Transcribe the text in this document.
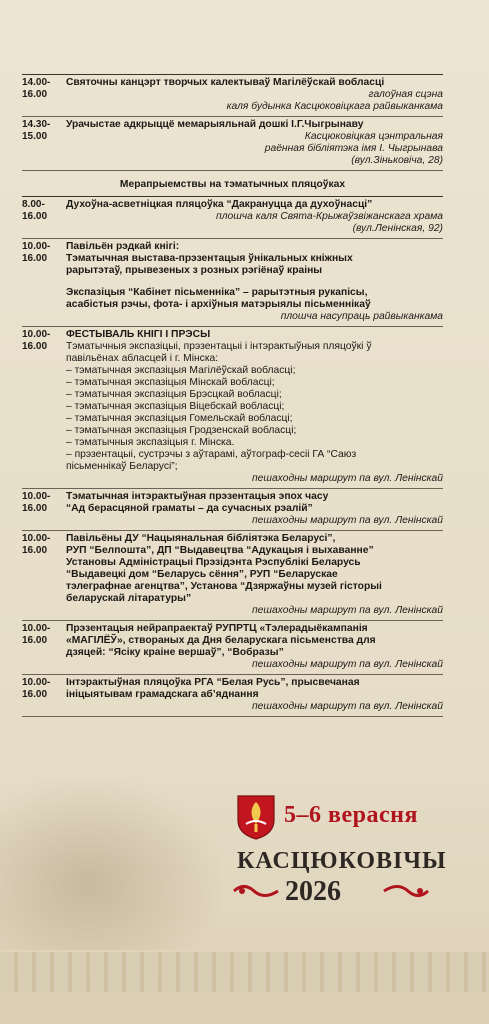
14.00-
16.00
Святочны канцэрт творчых калектываў Магілёўскай вобласці
галоўная сцэна
каля будынка Касцюковіцкага райвыканкама
14.30-
15.00
Урачыстае адкрыццё мемарыяльнай дошкі І.Г.Чыгрынаву
Касцюковіцкая цэнтральная
раённая бібліятэка імя І. Чыгрынава
(вул.Зіньковіча, 28)
Мерапрыемствы на тэматычных пляцоўках
8.00-
16.00
Духоўна-асветніцкая пляцоўка “Дакрануцца да духоўнасці”
плошча каля Свята-Крыжаўзвіжанскага храма
(вул.Ленінская, 92)
10.00-
16.00
Павільён рэдкай кнігі:
Тэматычная выстава-прэзентацыя ўнікальных кніжных
рарытэтаў, прывезеных з розных рэгіёнаў краіны
Экспазіцыя “Кабінет пісьменніка” – рарытэтныя рукапісы,
асабістыя рэчы, фота- і архіўныя матэрыялы пісьменнікаў
плошча насупраць райвыканкама
10.00-
16.00
ФЕСТЫВАЛЬ КНІГІ І ПРЭСЫ
Тэматычныя экспазіцыі, прэзентацыі і інтэрактыўныя пляцоўкі ў
павільёнах абласцей і г. Мінска:
– тэматычная экспазіцыя Магілёўскай вобласці;
– тэматычная экспазіцыя Мінскай вобласці;
– тэматычная экспазіцыя Брэсцкай вобласці;
– тэматычная экспазіцыя Віцебскай вобласці;
– тэматычная экспазіцыя Гомельскай вобласці;
– тэматычная экспазіцыя Гродзенскай вобласці;
– тэматычныя экспазіцыя г. Мінска.
– прэзентацыі, сустрэчы з аўтарамі, аўтограф-сесіі ГА “Саюз
пісьменнікаў Беларусі”;
пешаходны маршрут па вул. Ленінскай
10.00-
16.00
Тэматычная інтэрактыўная прэзентацыя эпох часу
“Ад берасцяной граматы – да сучасных рэалій”
пешаходны маршрут па вул. Ленінскай
10.00-
16.00
Павільёны ДУ “Нацыянальная бібліятэка Беларусі”,
РУП “Белпошта”, ДП “Выдавецтва “Адукацыя і выхаванне”
Установы Адміністрацыі Прэзідэнта Рэспублікі Беларусь
“Выдавецкі дом “Беларусь сёння”, РУП “Беларускае
тэлеграфнае агенцтва”, Установа “Дзяржаўны музей гісторыі
беларускай літаратуры”
пешаходны маршрут па вул. Ленінскай
10.00-
16.00
Прэзентацыя нейрапраектаў РУПРТЦ «Тэлерадыёкампанія
«МАГІЛЁЎ», створаных да Дня беларускага пісьменства для
дзяцей: “Ясіку краіне вершаў”, “Вобразы”
пешаходны маршрут па вул. Ленінскай
10.00-
16.00
Інтэрактыўная пляцоўка РГА “Белая Русь”, прысвечаная
ініцыятывам грамадскага аб’яднання
пешаходны маршрут па вул. Ленінскай
5–6 верасня
КАСЦЮКОВІЧЫ
2026
